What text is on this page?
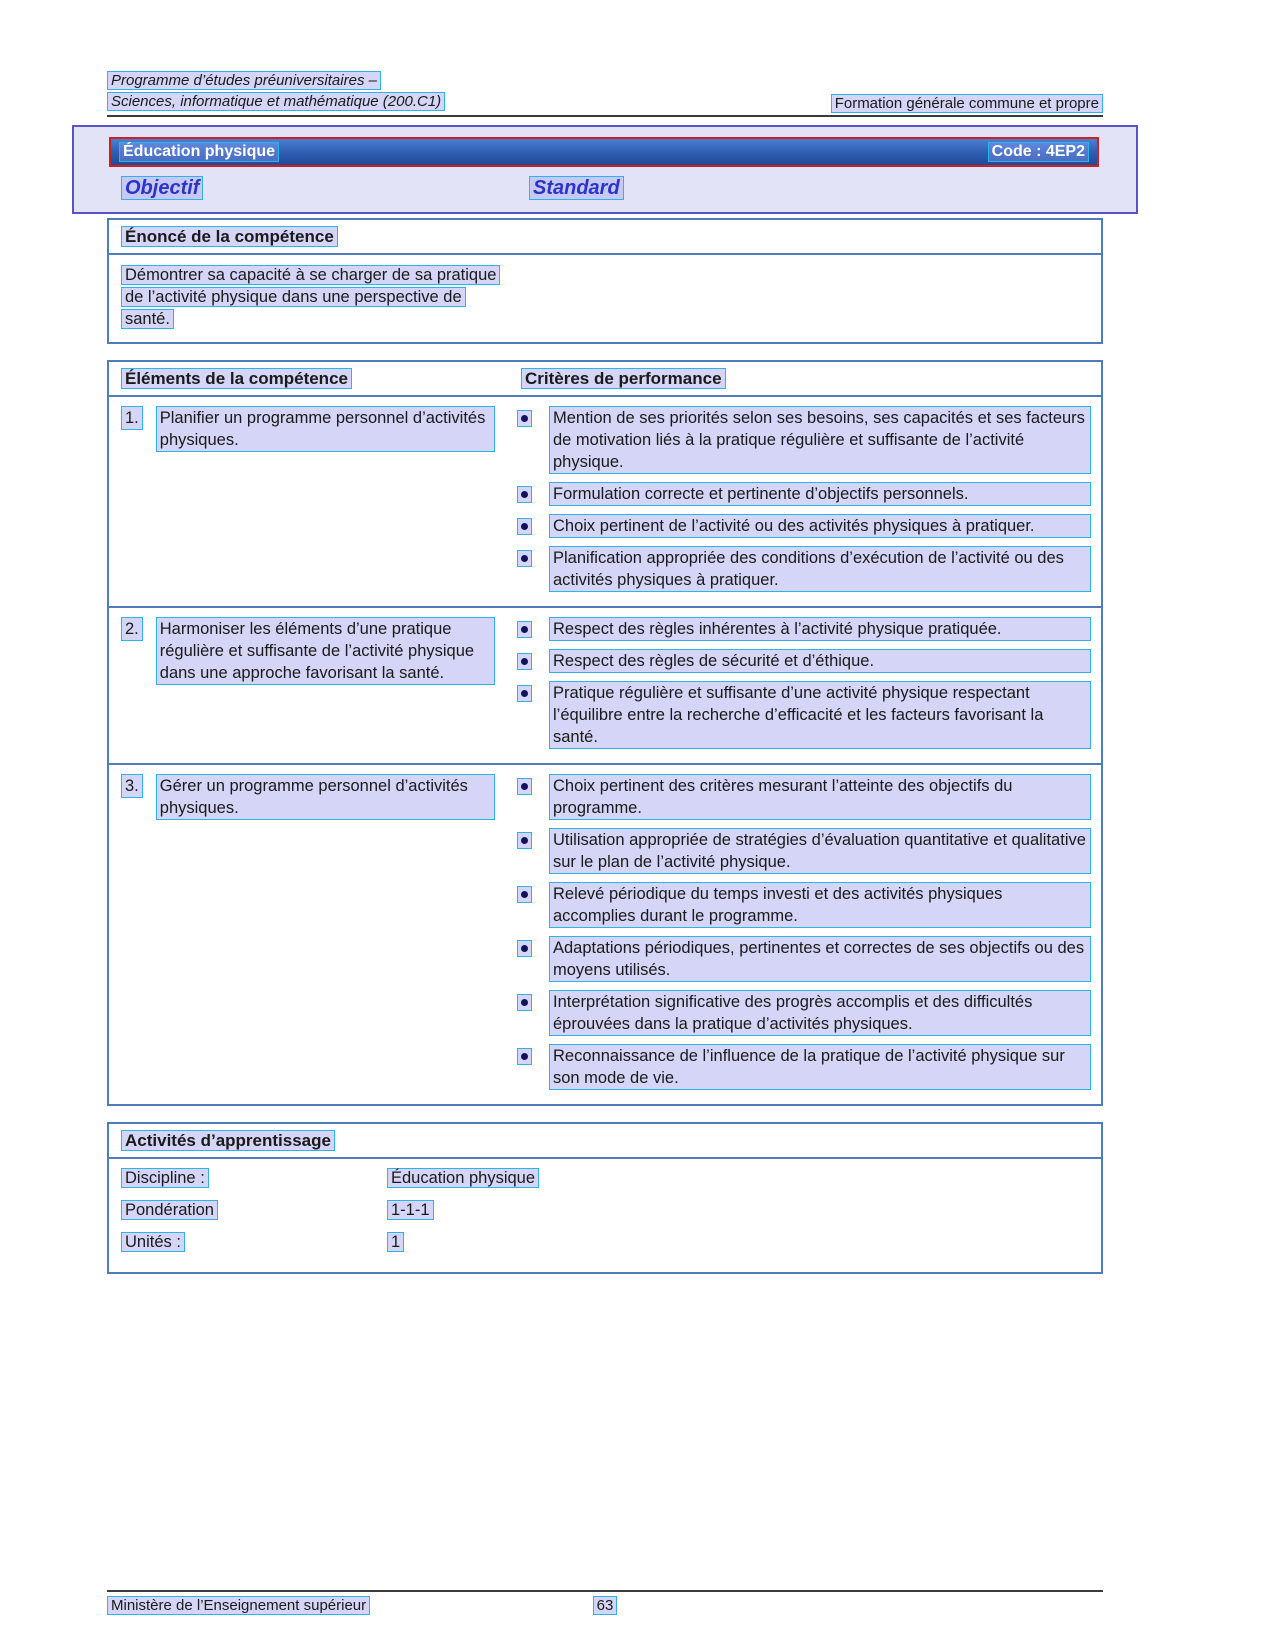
Programme d’études préuniversitaires –
Sciences, informatique et mathématique (200.C1)	Formation générale commune et propre
Éducation physique	Code : 4EP2
Objectif	Standard
Énoncé de la compétence

Démontrer sa capacité à se charger de sa pratique de l’activité physique dans une perspective de santé.

Éléments de la compétence	Critères de performance
1. Planifier un programme personnel d’activités physiques.
Mention de ses priorités selon ses besoins, ses capacités et ses facteurs de motivation liés à la pratique régulière et suffisante de l’activité physique.
Formulation correcte et pertinente d’objectifs personnels.
Choix pertinent de l’activité ou des activités physiques à pratiquer.
Planification appropriée des conditions d’exécution de l’activité ou des activités physiques à pratiquer.
2. Harmoniser les éléments d’une pratique régulière et suffisante de l’activité physique dans une approche favorisant la santé.
Respect des règles inhérentes à l’activité physique pratiquée.
Respect des règles de sécurité et d’éthique.
Pratique régulière et suffisante d’une activité physique respectant l’équilibre entre la recherche d’efficacité et les facteurs favorisant la santé.
3. Gérer un programme personnel d’activités physiques.
Choix pertinent des critères mesurant l’atteinte des objectifs du programme.
Utilisation appropriée de stratégies d’évaluation quantitative et qualitative sur le plan de l’activité physique.
Relevé périodique du temps investi et des activités physiques accomplies durant le programme.
Adaptations périodiques, pertinentes et correctes de ses objectifs ou des moyens utilisés.
Interprétation significative des progrès accomplis et des difficultés éprouvées dans la pratique d’activités physiques.
Reconnaissance de l’influence de la pratique de l’activité physique sur son mode de vie.
Activités d’apprentissage
Discipline :	Éducation physique
Pondération	1-1-1
Unités :	1
Ministère de l’Enseignement supérieur	63
